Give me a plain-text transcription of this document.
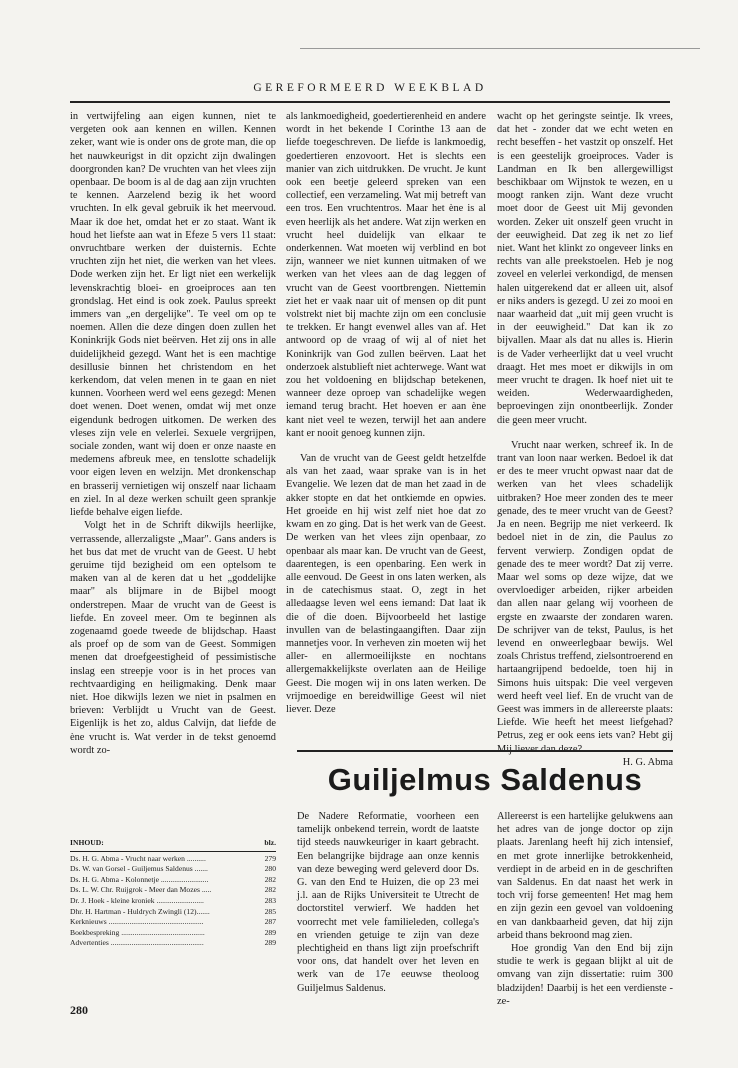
GEREFORMEERD WEEKBLAD

in vertwijfeling aan eigen kunnen, niet te vergeten ook aan kennen en willen. Kennen zeker, want wie is onder ons de grote man, die op het nauwkeurigst in dit opzicht zijn dwalingen doorgronden kan? De vruchten van het vlees zijn openbaar. De boom is al de dag aan zijn vruchten te kennen. Aarzelend bezig ik het woord vruchten. In elk geval gebruik ik het meervoud. Maar ik doe het, omdat het er zo staat. Want ik houd het liefste aan wat in Efeze 5 vers 11 staat: onvruchtbare werken der duisternis. Echte vruchten zijn het niet, die werken van het vlees. Dode werken zijn het. Er ligt niet een werkelijk levenskrachtig bloei- en groeiproces aan ten grondslag. Het eind is ook zoek. Paulus spreekt immers van „en dergelijke". Te veel om op te noemen. Allen die deze dingen doen zullen het Koninkrijk Gods niet beërven. Het zij ons in alle duidelijkheid gezegd. Want het is een machtige desillusie binnen het christendom en het kerkendom, dat velen menen in te gaan en niet kunnen. Voorheen werd wel eens gezegd: Menen doet wenen. Doet wenen, omdat wij met onze eigendunk bedrogen uitkomen. De werken des vleses zijn vele en velerlei. Sexuele vergrijpen, sociale zonden, want wij doen er onze naaste en medemens afbreuk mee, en tenslotte schadelijk voor eigen leven en welzijn. Met dronkenschap en brasserij vernietigen wij onszelf naar lichaam en ziel. In al deze werken schuilt geen sprankje liefde behalve eigen liefde.

Volgt het in de Schrift dikwijls heerlijke, verrassende, allerzaligste „Maar". Gans anders is het bus dat met de vrucht van de Geest. U hebt geruime tijd bezigheid om een optelsom te maken van al de keren dat u het „goddelijke maar" als blijmare in de Bijbel moogt onderstrepen. Maar de vrucht van de Geest is liefde. En zoveel meer. Om te beginnen als zogenaamd goede tweede de blijdschap. Haast als proef op de som van de Geest. Sommigen menen dat droefgeestigheid of pessimistische inslag een streepje voor is in het proces van rechtvaardiging en heiligmaking. Denk maar niet. Hoe dikwijls lezen we niet in psalmen en brieven: Verblijdt u Vrucht van de Geest. Eigenlijk is het zo, aldus Calvijn, dat liefde de ène vrucht is. Wat verder in de tekst genoemd wordt zo-

als lankmoedigheid, goedertierenheid en andere wordt in het bekende I Corinthe 13 aan de liefde toegeschreven. De liefde is lankmoedig, goedertieren enzovoort. Het is slechts een manier van zich uitdrukken. De vrucht. Je kunt ook een beetje geleerd spreken van een collectief, een verzameling. Wat mij betreft van een tros. Een vruchtentros. Maar het ène is al even heerlijk als het andere. Wat zijn werken en vrucht heel duidelijk van elkaar te onderkennen. Wat moeten wij verblind en bot zijn, wanneer we niet kunnen uitmaken of we werken van het vlees aan de dag leggen of vrucht van de Geest voortbrengen. Niettemin ziet het er vaak naar uit of mensen op dit punt volstrekt niet bij machte zijn om een conclusie te trekken. Er hangt evenwel alles van af. Het antwoord op de vraag of wij al of niet het Koninkrijk van God zullen beërven. Laat het onderzoek alstublieft niet achterwege. Want wat zou het voldoening en blijdschap betekenen, wanneer deze oproep van schadelijke wegen iemand terug bracht. Het hoeven er aan ène kant niet veel te wezen, terwijl het aan andere kant er nooit genoeg kunnen zijn.

Van de vrucht van de Geest geldt hetzelfde als van het zaad, waar sprake van is in het Evangelie. We lezen dat de man het zaad in de akker stopte en dat het ontkiemde en opwies. Het groeide en hij wist zelf niet hoe dat zo kwam en zo ging. Dat is het werk van de Geest. De werken van het vlees zijn openbaar, zo openbaar als maar kan. De vrucht van de Geest, daarentegen, is een openbaring. Een werk in alle eenvoud. De Geest in ons laten werken, als in de catechismus staat. O, zegt in het alledaagse leven wel eens iemand: Dat laat ik die of die doen. Bijvoorbeeld het lastige invullen van de belastingaangiften. Daar zijn mannetjes voor. In verheven zin moeten wij het aller- en allermoeilijkste en nochtans allergemakkelijkste overlaten aan de Heilige Geest. Die mogen wij in ons laten werken. De vrijmoedige en bereidwillige Geest wil niet liever. Deze

wacht op het geringste seintje. Ik vrees, dat het - zonder dat we echt weten en recht beseffen - het vastzit op onszelf. Het is een geestelijk groeiproces. Vader is Landman en Ik ben allergewilligst beschikbaar om Wijnstok te wezen, en u moogt ranken zijn. Want deze vrucht moet door de Geest uit Mij gevonden worden. Zeker uit onszelf geen vrucht in der eeuwigheid. Dat zeg ik net zo lief niet. Want het klinkt zo ongeveer links en rechts van alle preekstoelen. Heb je nog zoveel en velerlei verkondigd, de mensen halen uitgerekend dat er alleen uit, alsof er niks anders is gezegd. U zei zo mooi en naar waarheid dat „uit mij geen vrucht is in der eeuwigheid." Dat kan ik zo bijvallen. Maar als dat nu alles is. Hierin is de Vader verheerlijkt dat u veel vrucht draagt. Het mes moet er dikwijls in om meer vrucht te dragen. Ik hoef niet uit te weiden. Wederwaardigheden, beproevingen zijn onontbeerlijk. Zonder die geen meer vrucht.

Vrucht naar werken, schreef ik. In de trant van loon naar werken. Bedoel ik dat er des te meer vrucht opwast naar dat de werken van het vlees schadelijk uitbraken? Hoe meer zonden des te meer genade, des te meer vrucht van de Geest? Ja en neen. Begrijp me niet verkeerd. Ik bedoel niet in de zin, die Paulus zo fervent verwierp. Zondigen opdat de genade des te meer wordt? Dat zij verre. Maar wel soms op deze wijze, dat we overvloediger arbeiden, rijker arbeiden dan allen naar gelang wij voorheen de ergste en zwaarste der zondaren waren. De schrijver van de tekst, Paulus, is het levend en onweerlegbaar bewijs. Wel zoals Christus treffend, zielsontroerend en hartaangrijpend bedoelde, toen hij in Simons huis uitspak: Die veel vergeven werd heeft veel lief. En de vrucht van de Geest was immers in de allereerste plaats: Liefde. Wie heeft het meest liefgehad? Petrus, zeg er ook eens iets van? Hebt gij

H. G. Abma

Guiljelmus Saldenus

De Nadere Reformatie, voorheen een tamelijk onbekend terrein, wordt de laatste tijd steeds nauwkeuriger in kaart gebracht. Een belangrijke bijdrage aan onze kennis van deze beweging werd geleverd door Ds. G. van den End te Huizen, die op 23 mei j.l. aan de Rijks Universiteit te Utrecht de doctorstitel verwierf. We hadden het voorrecht met vele familieleden, collega's en vrienden getuige te zijn van deze plechtigheid en thans ligt zijn proefschrift voor ons, dat handelt over het leven en werk van de 17e eeuwse theoloog Guiljelmus Saldenus.

Allereerst is een hartelijke gelukwens aan het adres van de jonge doctor op zijn plaats. Jarenlang heeft hij zich intensief, en met grote innerlijke betrokkenheid, verdiept in de arbeid en in de geschriften van Saldenus. En dat naast het werk in toch vrij forse gemeenten! Het mag hem en zijn gezin een gevoel van voldoening en van dankbaarheid geven, dat hij zijn arbeid thans bekroond mag zien.

Hoe grondig Van den End bij zijn studie te werk is gegaan blijkt al uit de omvang van zijn dissertatie: ruim 300 bladzijden! Daarbij is het een verdienste - ze-

INHOUD:	blz.
Ds. H. G. Abma - Vrucht naar werken ..........	279
Ds. W. van Gorsel - Guiljemus Saldenus .......	280
Ds. H. G. Abma - Kolonnetje .........................	282
Ds. L. W. Chr. Ruijgrok - Meer dan Mozes .....	282
Dr. J. Hoek - kleine kroniek .........................	283
Dhr. H. Hartman - Huldrych Zwingli (12).......	285
Kerknieuws ..................................................	287
Boekbespreking ............................................	289
Advertenties .................................................	289
280
